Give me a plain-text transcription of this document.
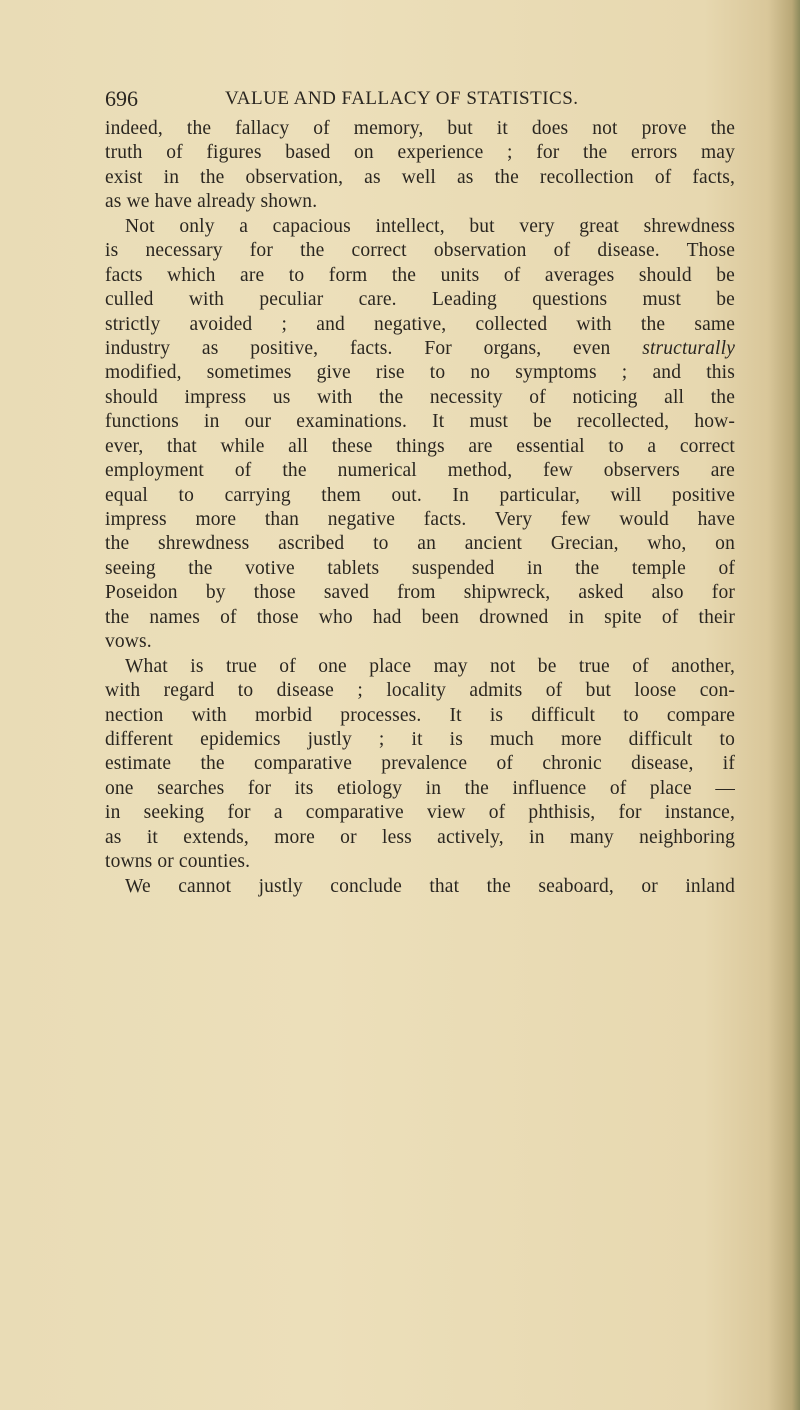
696	VALUE AND FALLACY OF STATISTICS.
indeed, the fallacy of memory, but it does not prove the
truth of figures based on experience ; for the errors may
exist in the observation, as well as the recollection of facts,
as we have already shown.
Not only a capacious intellect, but very great shrewdness
is necessary for the correct observation of disease. Those
facts which are to form the units of averages should be
culled with peculiar care. Leading questions must be
strictly avoided ; and negative, collected with the same
industry as positive, facts. For organs, even structurally
modified, sometimes give rise to no symptoms ; and this
should impress us with the necessity of noticing all the
functions in our examinations. It must be recollected, how-
ever, that while all these things are essential to a correct
employment of the numerical method, few observers are
equal to carrying them out. In particular, will positive
impress more than negative facts. Very few would have
the shrewdness ascribed to an ancient Grecian, who, on
seeing the votive tablets suspended in the temple of
Poseidon by those saved from shipwreck, asked also for
the names of those who had been drowned in spite of their
vows.
What is true of one place may not be true of another,
with regard to disease ; locality admits of but loose con-
nection with morbid processes. It is difficult to compare
different epidemics justly ; it is much more difficult to
estimate the comparative prevalence of chronic disease, if
one searches for its etiology in the influence of place —
in seeking for a comparative view of phthisis, for instance,
as it extends, more or less actively, in many neighboring
towns or counties.
We cannot justly conclude that the seaboard, or inland
